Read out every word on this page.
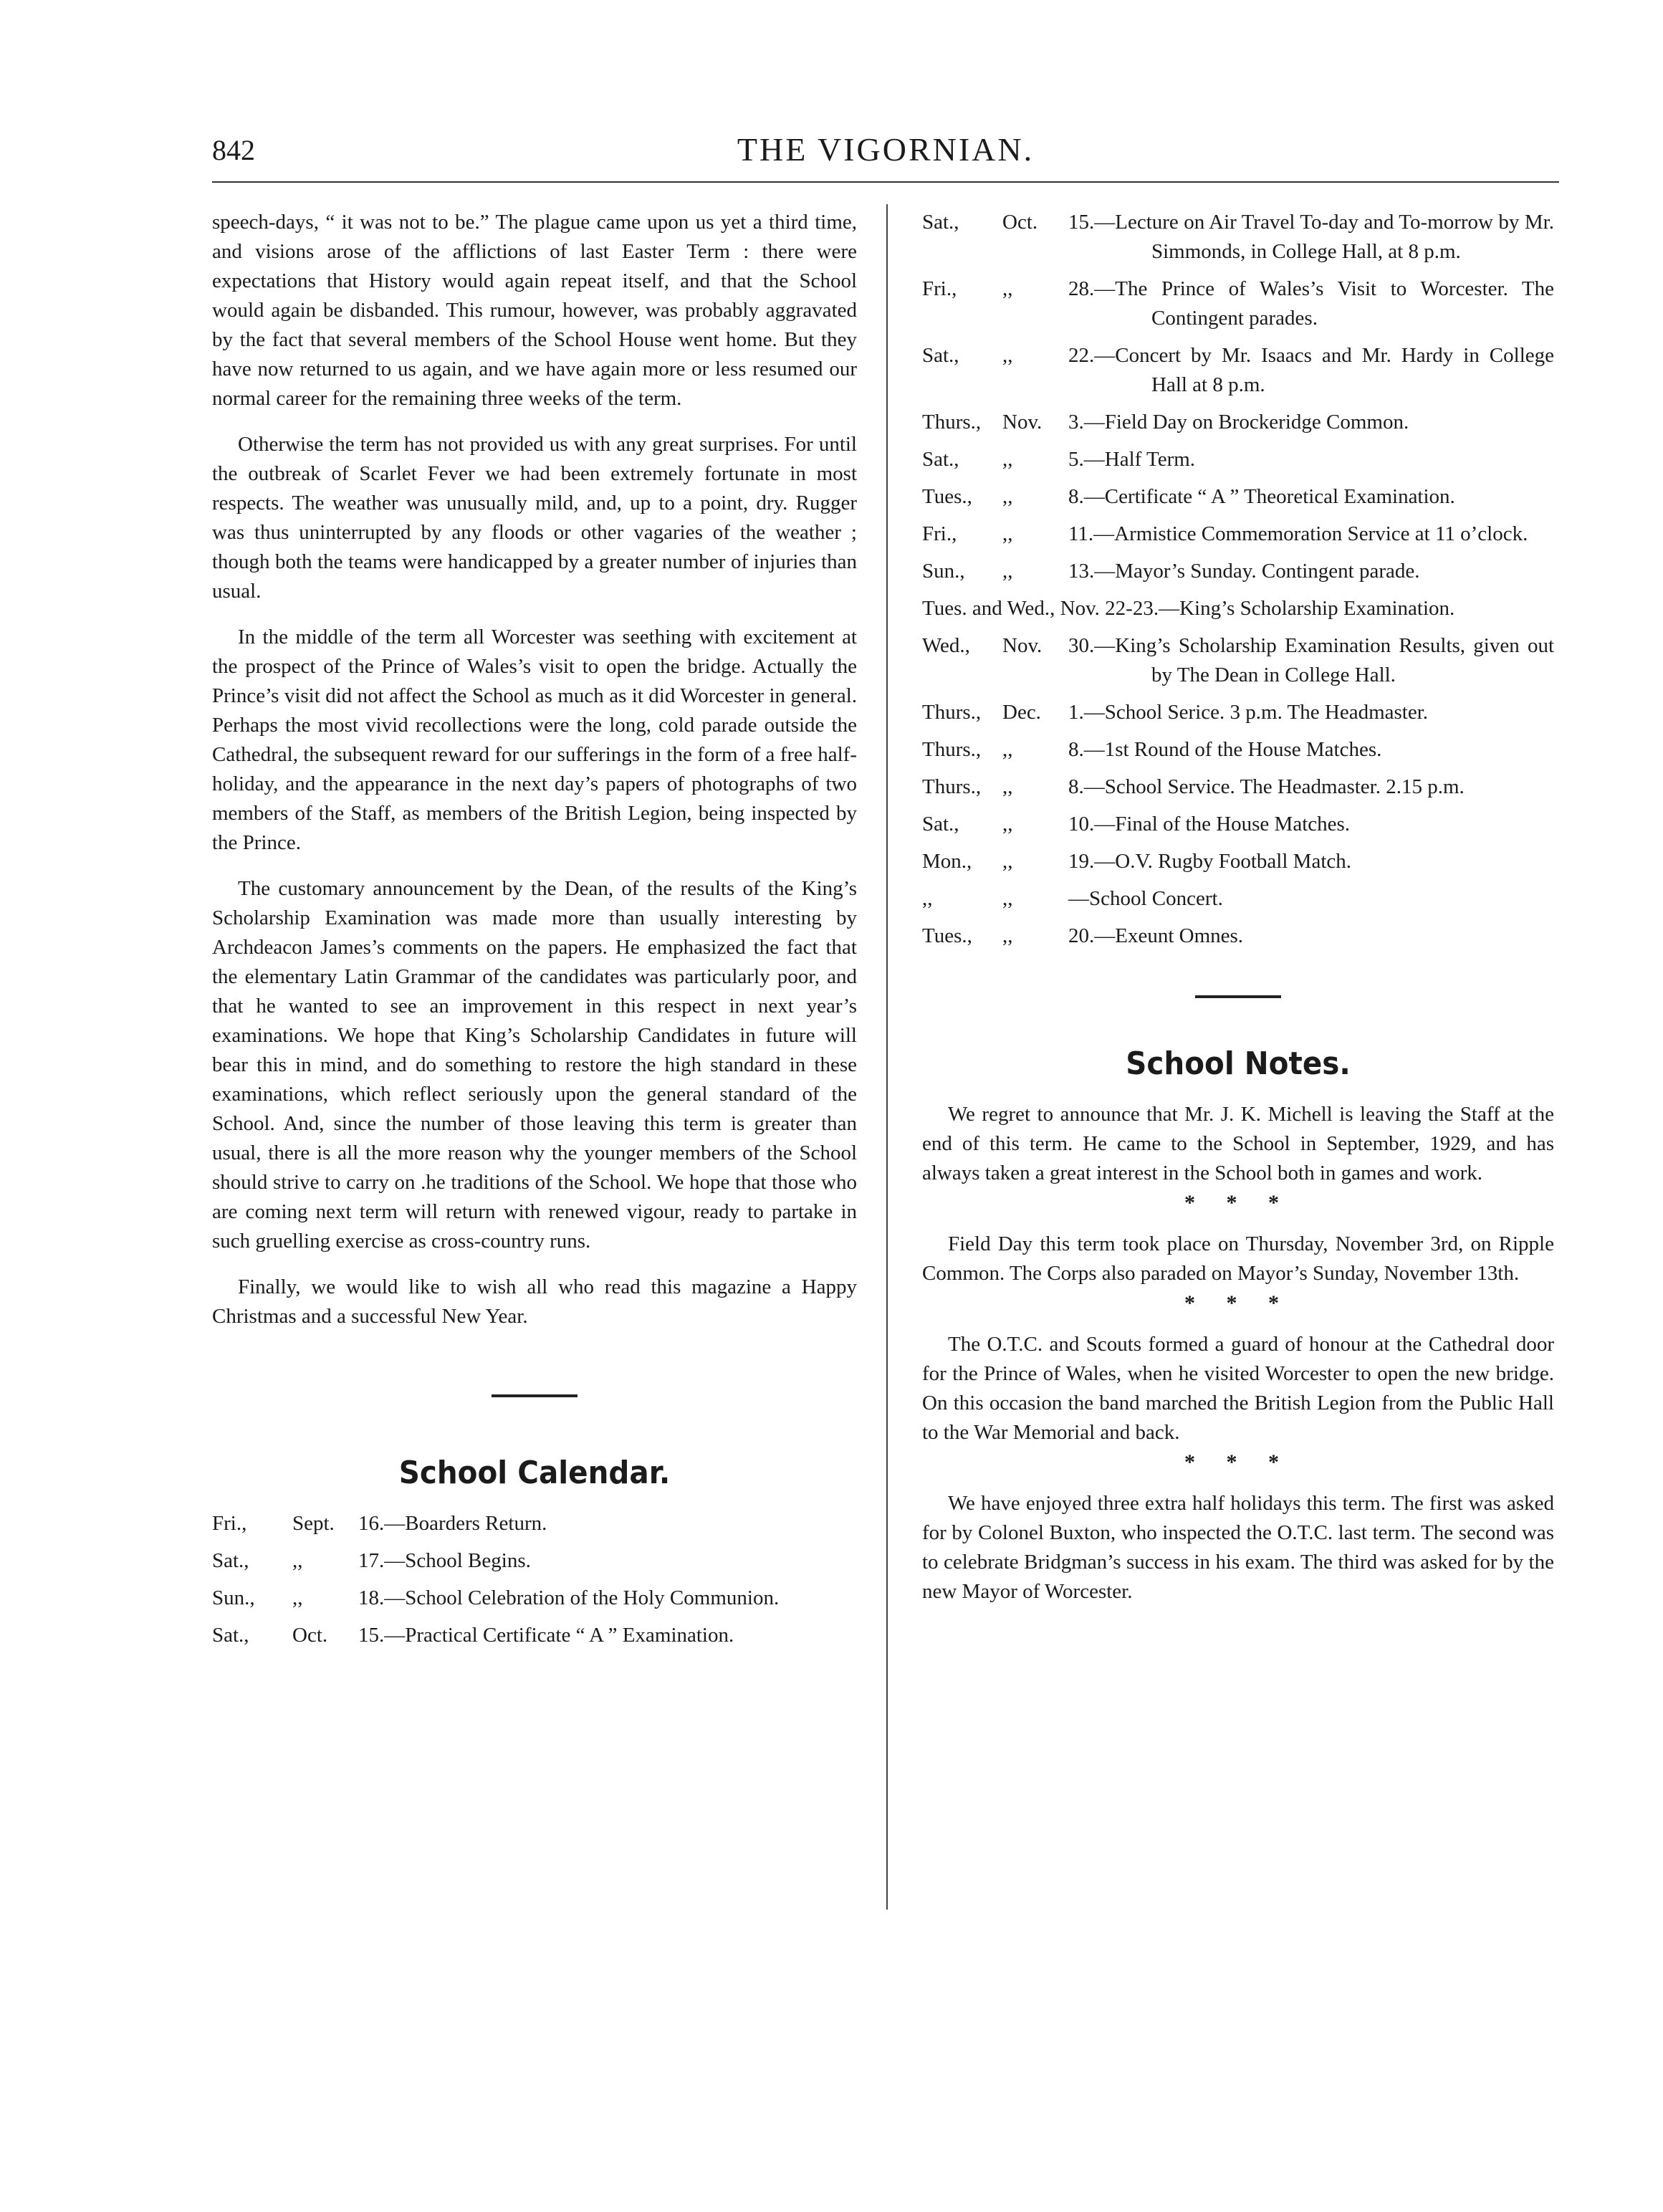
842	THE VIGORNIAN.

speech-days, “ it was not to be.” The plague came upon us yet a third time, and visions arose of the afflictions of last Easter Term : there were expectations that History would again repeat itself, and that the School would again be disbanded. This rumour, however, was probably aggravated by the fact that several members of the School House went home. But they have now returned to us again, and we have again more or less resumed our normal career for the remaining three weeks of the term.

Otherwise the term has not provided us with any great surprises. For until the outbreak of Scarlet Fever we had been extremely fortunate in most respects. The weather was unusually mild, and, up to a point, dry. Rugger was thus uninterrupted by any floods or other vagaries of the weather ; though both the teams were handicapped by a greater number of injuries than usual.

In the middle of the term all Worcester was seething with excitement at the prospect of the Prince of Wales’s visit to open the bridge. Actually the Prince’s visit did not affect the School as much as it did Worcester in general. Perhaps the most vivid recollections were the long, cold parade outside the Cathedral, the subsequent reward for our sufferings in the form of a free half-holiday, and the appearance in the next day’s papers of photographs of two members of the Staff, as members of the British Legion, being inspected by the Prince.

The customary announcement by the Dean, of the results of the King’s Scholarship Examination was made more than usually interesting by Archdeacon James’s comments on the papers. He emphasized the fact that the elementary Latin Grammar of the candidates was particularly poor, and that he wanted to see an improvement in this respect in next year’s examinations. We hope that King’s Scholarship Candidates in future will bear this in mind, and do something to restore the high standard in these examinations, which reflect seriously upon the general standard of the School. And, since the number of those leaving this term is greater than usual, there is all the more reason why the younger members of the School should strive to carry on .he traditions of the School. We hope that those who are coming next term will return with renewed vigour, ready to partake in such gruelling exercise as cross-country runs.

Finally, we would like to wish all who read this magazine a Happy Christmas and a successful New Year.

School Calendar.
Fri.,	Sept.	16.—Boarders Return.
Sat.,	,,	17.—School Begins.
Sun.,	,,	18.—School Celebration of the Holy Communion.
Sat.,	Oct.	15.—Practical Certificate “ A ” Examination.
Sat.,	Oct.	15.—Lecture on Air Travel To-day and To-morrow by Mr. Simmonds, in College Hall, at 8 p.m.
Fri.,	,,	28.—The Prince of Wales’s Visit to Worcester. The Contingent parades.
Sat.,	,,	22.—Concert by Mr. Isaacs and Mr. Hardy in College Hall at 8 p.m.
Thurs.,	Nov.	3.—Field Day on Brockeridge Common.
Sat.,	,,	5.—Half Term.
Tues.,	,,	8.—Certificate “ A ” Theoretical Examination.
Fri.,	,,	11.—Armistice Commemoration Service at 11 o’clock.
Sun.,	,,	13.—Mayor’s Sunday. Contingent parade.
Tues. and Wed., Nov. 22-23.—King’s Scholarship Examination.
Wed.,	Nov.	30.—King’s Scholarship Examination Results, given out by The Dean in College Hall.
Thurs.,	Dec.	1.—School Serice. 3 p.m. The Headmaster.
Thurs.,	,,	8.—1st Round of the House Matches.
Thurs.,	,,	8.—School Service. The Headmaster. 2.15 p.m.
Sat.,	,,	10.—Final of the House Matches.
Mon.,	,,	19.—O.V. Rugby Football Match.
,,	,,	—School Concert.
Tues.,	,,	20.—Exeunt Omnes.
School Notes.

We regret to announce that Mr. J. K. Michell is leaving the Staff at the end of this term. He came to the School in September, 1929, and has always taken a great interest in the School both in games and work.

* * *

Field Day this term took place on Thursday, November 3rd, on Ripple Common. The Corps also paraded on Mayor’s Sunday, November 13th.

* * *

The O.T.C. and Scouts formed a guard of honour at the Cathedral door for the Prince of Wales, when he visited Worcester to open the new bridge. On this occasion the band marched the British Legion from the Public Hall to the War Memorial and back.

* * *

We have enjoyed three extra half holidays this term. The first was asked for by Colonel Buxton, who inspected the O.T.C. last term. The second was to celebrate Bridgman’s success in his exam. The third was asked for by the new Mayor of Worcester.
